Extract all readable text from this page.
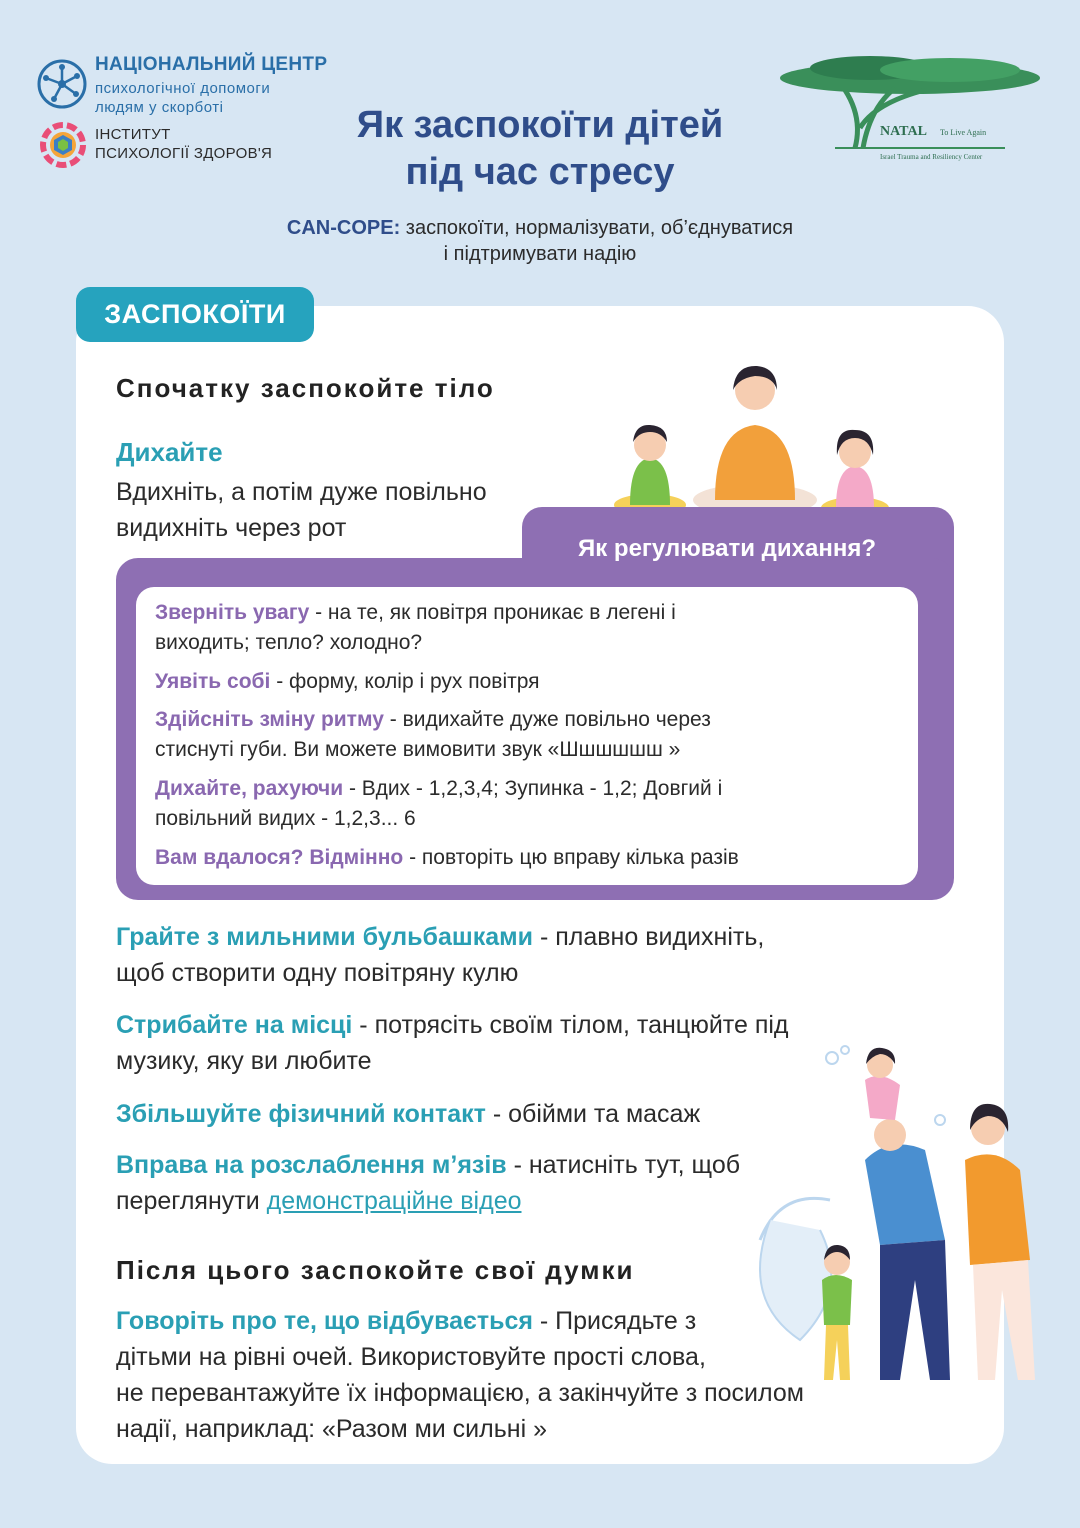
НАЦІОНАЛЬНИЙ ЦЕНТР
психологічної допомоги
людям у скорботі
ІНСТИТУТ
ПСИХОЛОГІЇ ЗДОРОВ'Я
NATAL To Live Again
Israel Trauma and Resiliency Center
Як заспокоїти дітей
під час стресу
CAN-COPE: заспокоїти, нормалізувати, об’єднуватися
і підтримувати надію
ЗАСПОКОЇТИ
Спочатку заспокойте тіло
Дихайте
Вдихніть, а потім дуже повільно
видихніть через рот
Як регулювати дихання?
Зверніть увагу - на те, як повітря проникає в легені і
виходить; тепло? холодно?
Уявіть собі - форму, колір і рух повітря
Здійсніть зміну ритму - видихайте дуже повільно через
стиснуті губи. Ви можете вимовити звук «Шшшшшш »
Дихайте, рахуючи - Вдих - 1,2,3,4; Зупинка - 1,2; Довгий і
повільний видих - 1,2,3... 6
Вам вдалося? Відмінно - повторіть цю вправу кілька разів
Грайте з мильними бульбашками - плавно видихніть,
щоб створити одну повітряну кулю
Стрибайте на місці - потрясіть своїм тілом, танцюйте під
музику, яку ви любите
Збільшуйте фізичний контакт - обійми та масаж
Вправа на розслаблення м’язів - натисніть тут, щоб
переглянути демонстраційне відео
Після цього заспокойте свої думки
Говоріть про те, що відбувається - Присядьте з
дітьми на рівні очей. Використовуйте прості слова,
не перевантажуйте їх інформацією, а закінчуйте з посилом
надії, наприклад: «Разом ми сильні »
